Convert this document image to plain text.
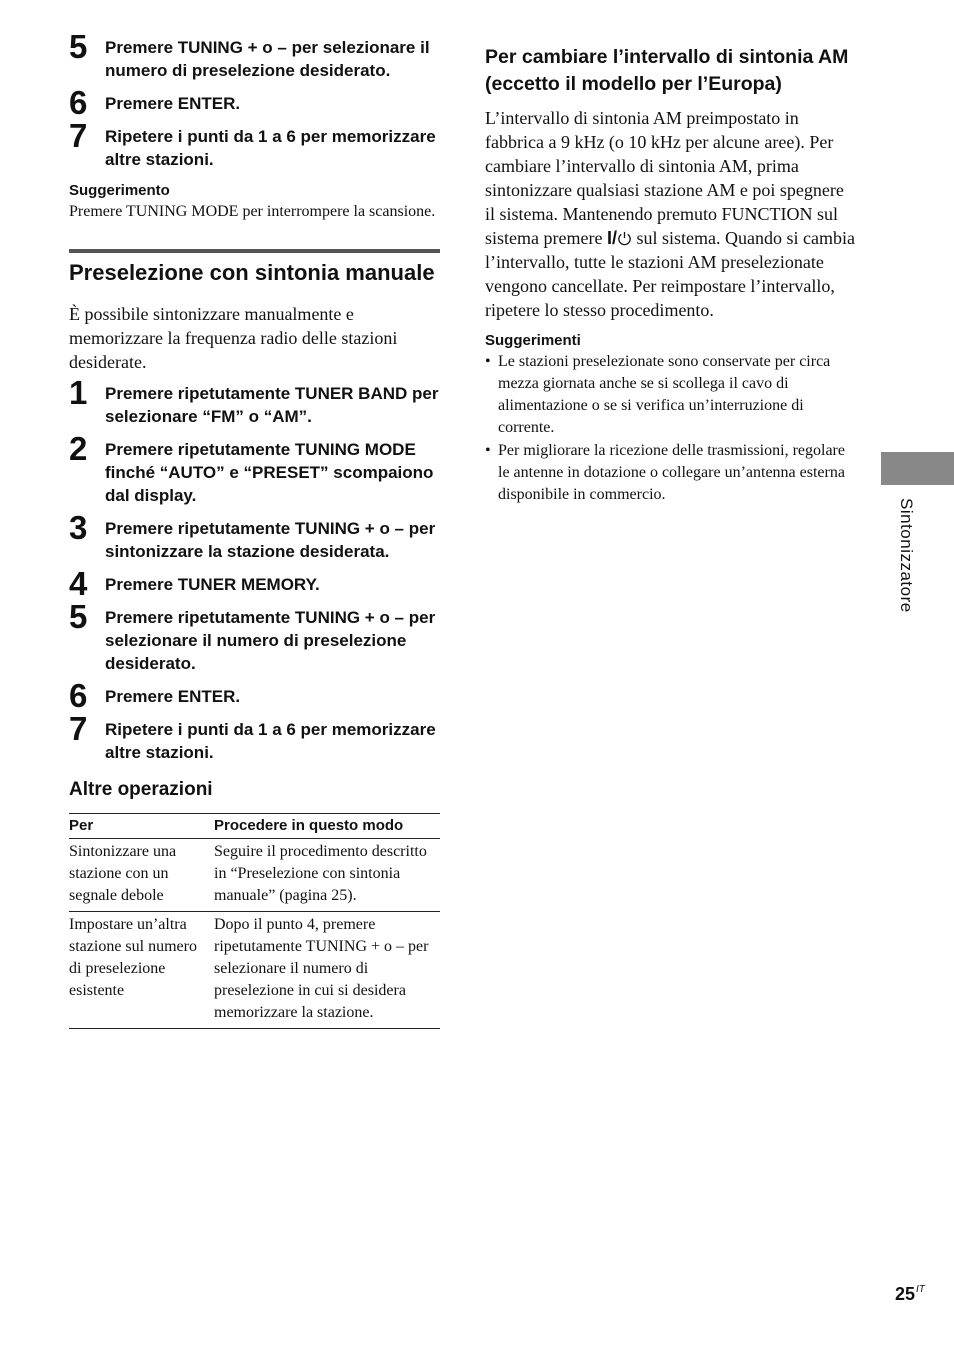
5 Premere TUNING + o – per selezionare il numero di preselezione desiderato.
6 Premere ENTER.
7 Ripetere i punti da 1 a 6 per memorizzare altre stazioni.
Suggerimento
Premere TUNING MODE per interrompere la scansione.
Preselezione con sintonia manuale

È possibile sintonizzare manualmente e memorizzare la frequenza radio delle stazioni desiderate.

1 Premere ripetutamente TUNER BAND per selezionare “FM” o “AM”.
2 Premere ripetutamente TUNING MODE finché “AUTO” e “PRESET” scompaiono dal display.
3 Premere ripetutamente TUNING + o – per sintonizzare la stazione desiderata.
4 Premere TUNER MEMORY.
5 Premere ripetutamente TUNING + o – per selezionare il numero di preselezione desiderato.
6 Premere ENTER.
7 Ripetere i punti da 1 a 6 per memorizzare altre stazioni.
Altre operazioni
Per	Procedere in questo modo
Sintonizzare una stazione con un segnale debole	Seguire il procedimento descritto in “Preselezione con sintonia manuale” (pagina 25).
Impostare un’altra stazione sul numero di preselezione esistente	Dopo il punto 4, premere ripetutamente TUNING + o – per selezionare il numero di preselezione in cui si desidera memorizzare la stazione.
Per cambiare l’intervallo di sintonia AM (eccetto il modello per l’Europa)

L’intervallo di sintonia AM preimpostato in fabbrica a 9 kHz (o 10 kHz per alcune aree). Per cambiare l’intervallo di sintonia AM, prima sintonizzare qualsiasi stazione AM e poi spegnere il sistema. Mantenendo premuto FUNCTION sul sistema premere I/ sul sistema. Quando si cambia l’intervallo, tutte le stazioni AM preselezionate vengono cancellate. Per reimpostare l’intervallo, ripetere lo stesso procedimento.

Suggerimenti
• Le stazioni preselezionate sono conservate per circa mezza giornata anche se si scollega il cavo di alimentazione o se si verifica un’interruzione di corrente.
• Per migliorare la ricezione delle trasmissioni, regolare le antenne in dotazione o collegare un’antenna esterna disponibile in commercio.
Sintonizzatore
$25^{IT}$
